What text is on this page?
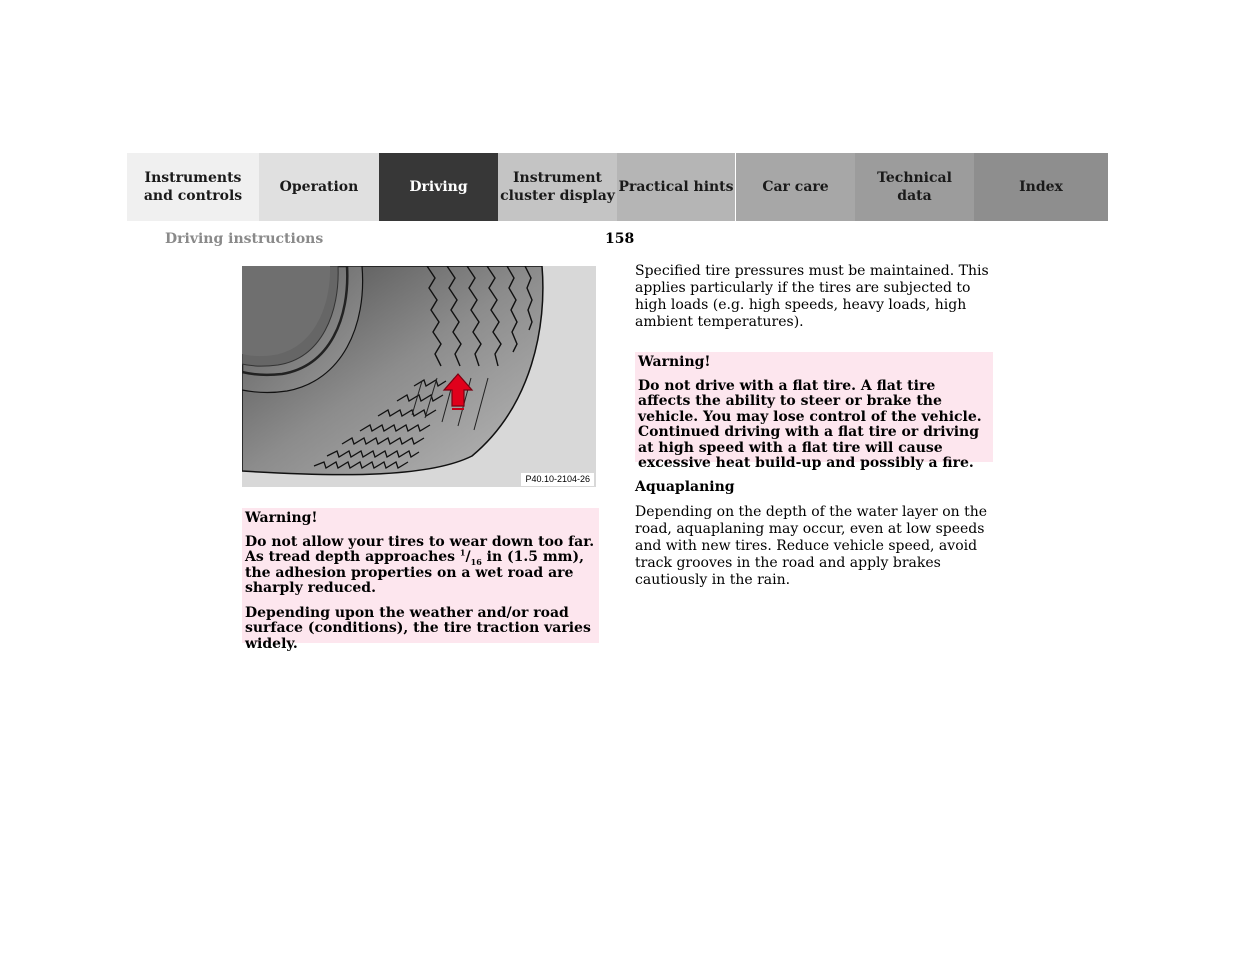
Instruments
and controls
Operation	Driving
Instrument
cluster display
Practical hints Car care
Technical
data
Index
Driving instructions	158
P40.10-2104-26
Warning!

Do not allow your tires to wear down too far. As tread depth approaches $^1/_{16}$ in (1.5 mm), the adhesion properties on a wet road are sharply reduced.

Depending upon the weather and/or road surface (conditions), the tire traction varies widely.

Specified tire pressures must be maintained. This applies particularly if the tires are subjected to high loads (e.g. high speeds, heavy loads, high ambient temperatures).

Warning!

Do not drive with a flat tire. A flat tire affects the ability to steer or brake the vehicle. You may lose control of the vehicle. Continued driving with a flat tire or driving at high speed with a flat tire will cause excessive heat build-up and possibly a fire.

Aquaplaning

Depending on the depth of the water layer on the road, aquaplaning may occur, even at low speeds and with new tires. Reduce vehicle speed, avoid track grooves in the road and apply brakes cautiously in the rain.
